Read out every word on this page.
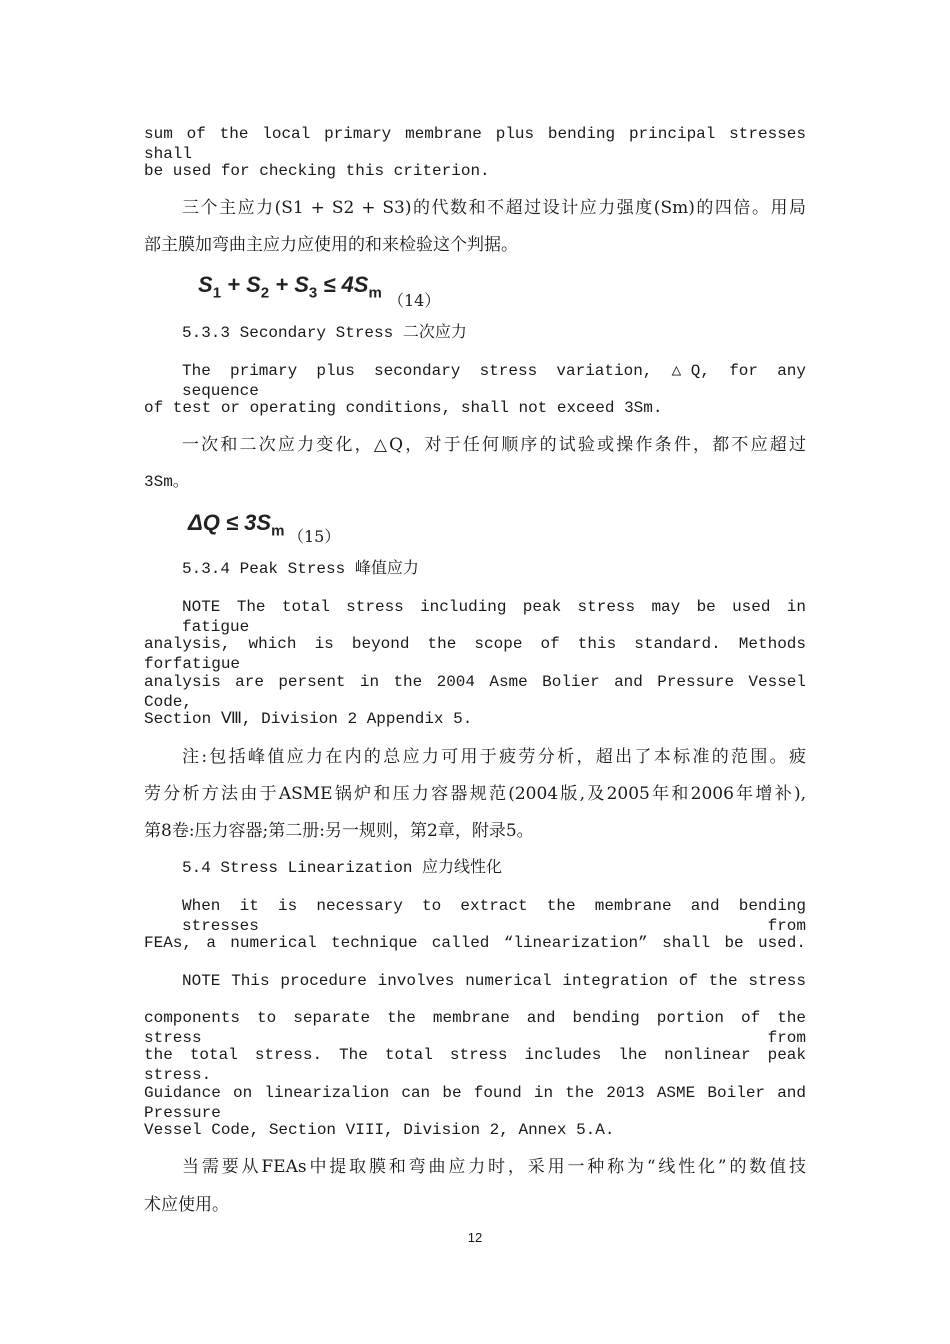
sum of the local primary membrane plus bending principal stresses shall
be used for checking this criterion.
三个主应力(S1 + S2 + S3)的代数和不超过设计应力强度(Sm)的四倍。用局
部主膜加弯曲主应力应使用的和来检验这个判据。
$S_1 + S_2 + S_3 \le 4S_m$ （14）
5.3.3 Secondary Stress 二次应力
The primary plus secondary stress variation, △Q, for any sequence
of test or operating conditions, shall not exceed 3Sm.
一次和二次应力变化，△Q，对于任何顺序的试验或操作条件，都不应超过
3Sm。
$\Delta Q \le 3S_m$ （15）
5.3.4 Peak Stress 峰值应力
NOTE The total stress including peak stress may be used in fatigue
analysis, which is beyond the scope of this standard. Methods forfatigue
analysis are persent in the 2004 Asme Bolier and Pressure Vessel Code,
Section Ⅷ, Division 2 Appendix 5.
注:包括峰值应力在内的总应力可用于疲劳分析，超出了本标准的范围。疲
劳分析方法由于ASME锅炉和压力容器规范(2004版,及2005年和2006年增补),
第8卷:压力容器;第二册:另一规则，第2章，附录5。
5.4 Stress Linearization 应力线性化
When it is necessary to extract the membrane and bending stresses from
FEAs, a numerical technique called “linearization” shall be used.
NOTE This procedure involves numerical integration of the stress
components to separate the membrane and bending portion of the stress from
the total stress. The total stress includes lhe nonlinear peak stress.
Guidance on linearizalion can be found in the 2013 ASME Boiler and Pressure
Vessel Code, Section VIII, Division 2, Annex 5.A.
当需要从FEAs中提取膜和弯曲应力时，采用一种称为“线性化”的数值技
术应使用。
12
